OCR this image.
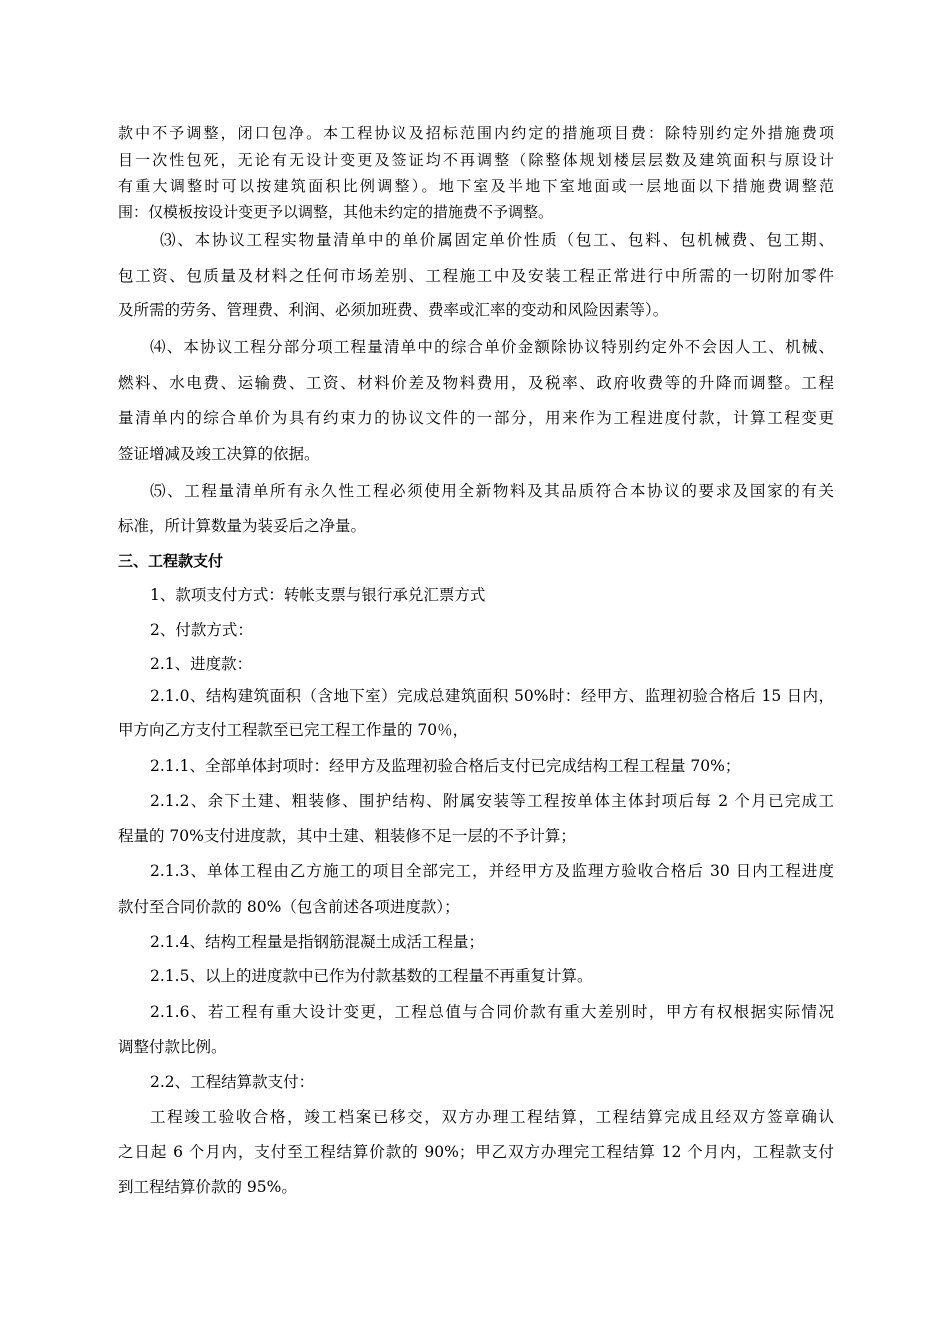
款中不予调整，闭口包净。本工程协议及招标范围内约定的措施项目费：除特别约定外措施费项
目一次性包死，无论有无设计变更及签证均不再调整（除整体规划楼层层数及建筑面积与原设计
有重大调整时可以按建筑面积比例调整）。地下室及半地下室地面或一层地面以下措施费调整范
围：仅模板按设计变更予以调整，其他未约定的措施费不予调整。
⑶、本协议工程实物量清单中的单价属固定单价性质（包工、包料、包机械费、包工期、
包工资、包质量及材料之任何市场差别、工程施工中及安装工程正常进行中所需的一切附加零件
及所需的劳务、管理费、利润、必须加班费、费率或汇率的变动和风险因素等）。
⑷、本协议工程分部分项工程量清单中的综合单价金额除协议特别约定外不会因人工、机械、
燃料、水电费、运输费、工资、材料价差及物料费用，及税率、政府收费等的升降而调整。工程
量清单内的综合单价为具有约束力的协议文件的一部分，用来作为工程进度付款，计算工程变更
签证增减及竣工决算的依据。
⑸、工程量清单所有永久性工程必须使用全新物料及其品质符合本协议的要求及国家的有关
标准，所计算数量为装妥后之净量。
三、工程款支付
1、款项支付方式：转帐支票与银行承兑汇票方式
2、付款方式：
2.1、进度款：
2.1.0、结构建筑面积（含地下室）完成总建筑面积 50%时：经甲方、监理初验合格后 15 日内，
甲方向乙方支付工程款至已完工程工作量的 70％，
2.1.1、全部单体封项时：经甲方及监理初验合格后支付已完成结构工程工程量 70%；
2.1.2、余下土建、粗装修、围护结构、附属安装等工程按单体主体封项后每 2 个月已完成工
程量的 70%支付进度款，其中土建、粗装修不足一层的不予计算；
2.1.3、单体工程由乙方施工的项目全部完工，并经甲方及监理方验收合格后 30 日内工程进度
款付至合同价款的 80%（包含前述各项进度款）；
2.1.4、结构工程量是指钢筋混凝土成活工程量；
2.1.5、以上的进度款中已作为付款基数的工程量不再重复计算。
2.1.6、若工程有重大设计变更，工程总值与合同价款有重大差别时，甲方有权根据实际情况
调整付款比例。
2.2、工程结算款支付：
工程竣工验收合格，竣工档案已移交，双方办理工程结算，工程结算完成且经双方签章确认
之日起 6 个月内，支付至工程结算价款的 90%；甲乙双方办理完工程结算 12 个月内，工程款支付
到工程结算价款的 95%。
